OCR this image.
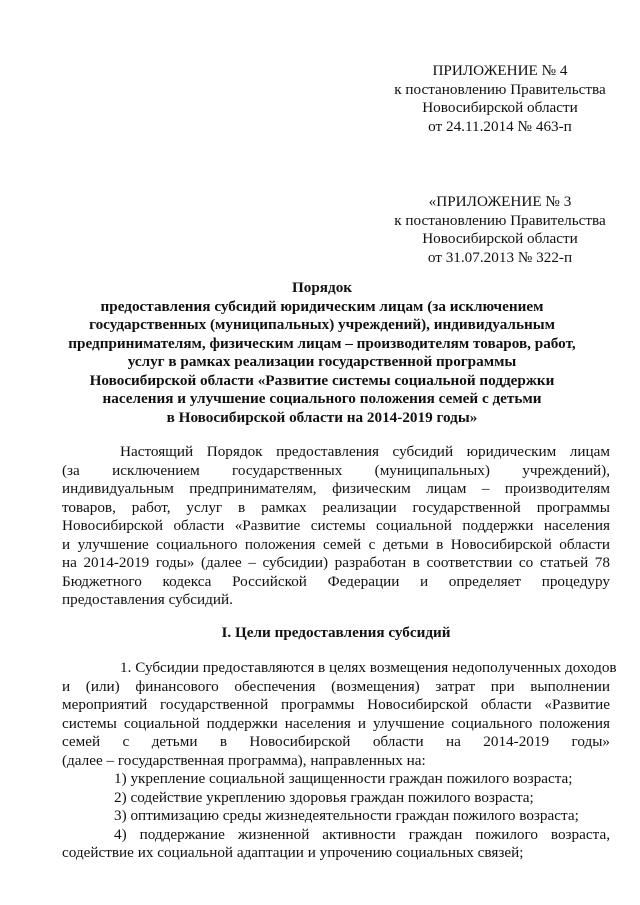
ПРИЛОЖЕНИЕ № 4
к постановлению Правительства
Новосибирской области
от 24.11.2014 № 463-п
«ПРИЛОЖЕНИЕ № 3
к постановлению Правительства
Новосибирской области
от 31.07.2013 № 322-п
Порядок
предоставления субсидий юридическим лицам (за исключением
государственных (муниципальных) учреждений), индивидуальным
предпринимателям, физическим лицам – производителям товаров, работ,
услуг в рамках реализации государственной программы
Новосибирской области «Развитие системы социальной поддержки
населения и улучшение социального положения семей с детьми
в Новосибирской области на 2014-2019 годы»
Настоящий Порядок предоставления субсидий юридическим лицам
(за исключением государственных (муниципальных) учреждений),
индивидуальным предпринимателям, физическим лицам – производителям
товаров, работ, услуг в рамках реализации государственной программы
Новосибирской области «Развитие системы социальной поддержки населения
и улучшение социального положения семей с детьми в Новосибирской области
на 2014-2019 годы» (далее – субсидии) разработан в соответствии со статьей 78
Бюджетного кодекса Российской Федерации и определяет процедуру
предоставления субсидий.
I. Цели предоставления субсидий
1. Субсидии предоставляются в целях возмещения недополученных доходов
и (или) финансового обеспечения (возмещения) затрат при выполнении
мероприятий государственной программы Новосибирской области «Развитие
системы социальной поддержки населения и улучшение социального положения
семей с детьми в Новосибирской области на 2014-2019 годы»
(далее – государственная программа), направленных на:
1) укрепление социальной защищенности граждан пожилого возраста;
2) содействие укреплению здоровья граждан пожилого возраста;
3) оптимизацию среды жизнедеятельности граждан пожилого возраста;
4) поддержание жизненной активности граждан пожилого возраста,
содействие их социальной адаптации и упрочению социальных связей;
